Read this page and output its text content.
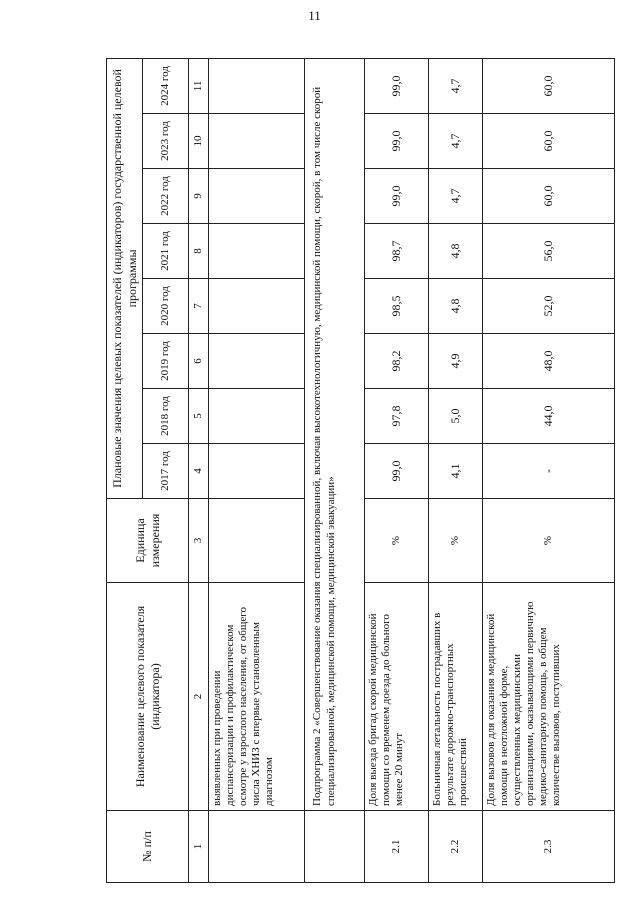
11
№ п/п	Наименование целевого показателя (индикатора)	Единица измерения	Плановые значения целевых показателей (индикаторов) государственной целевой программы							
			2017 год	2018 год	2019 год	2020 год	2021 год	2022 год	2023 год	2024 год
1	2	3	4	5	6	7	8	9	10	11
	выявленных при проведении диспансеризации и профилактическом осмотре у взрослого населения, от общего числа ХНИЗ с впервые установленным диагнозом									
	Подпрограмма 2 «Совершенствование оказания специализированной, включая высокотехнологичную, медицинской помощи, скорой, в том числе скорой специализированной, медицинской помощи, медицинской эвакуации»									
2.1	Доля выезда бригад скорой медицинской помощи со временем доезда до больного менее 20 минут	%	99,0	97,8	98,2	98,5	98,7	99,0	99,0	99,0
2.2	Больничная летальность пострадавших в результате дорожно-транспортных происшествий	%	4,1	5,0	4,9	4,8	4,8	4,7	4,7	4,7
2.3	Доля вызовов для оказания медицинской помощи в неотложной форме, осуществленных медицинскими организациями, оказывающими первичную медико-санитарную помощь, в общем количестве вызовов, поступивших	%	-	44,0	48,0	52,0	56,0	60,0	60,0	60,0
